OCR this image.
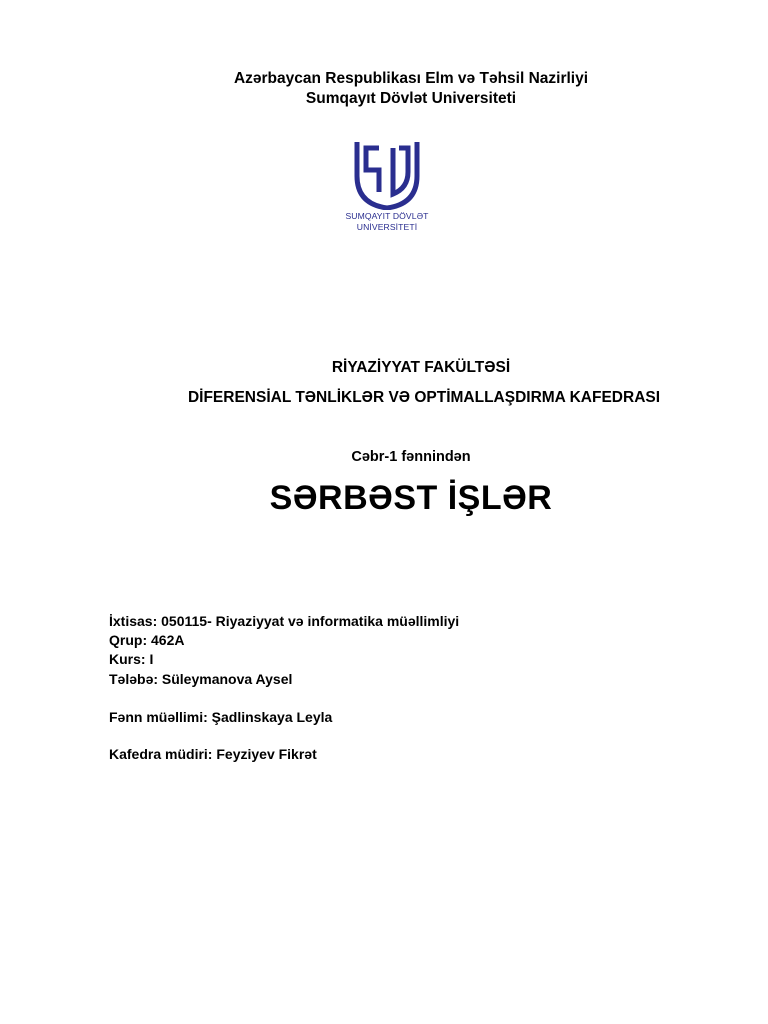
Azərbaycan Respublikası Elm və Təhsil Nazirliyi
Sumqayıt Dövlət Universiteti
SUMQAYIT DÖVLƏT
UNİVERSİTETİ
RİYAZİYYAT FAKÜLTƏSİ
DİFERENSİAL TƏNLİKLƏR VƏ OPTİMALLAŞDIRMA KAFEDRASI
Cəbr-1 fənnindən
SƏRBƏST İŞLƏR
İxtisas: 050115- Riyaziyyat və informatika müəllimliyi
Qrup: 462A
Kurs: I
Tələbə: Süleymanova Aysel
Fənn müəllimi: Şadlinskaya Leyla
Kafedra müdiri: Feyziyev Fikrət
